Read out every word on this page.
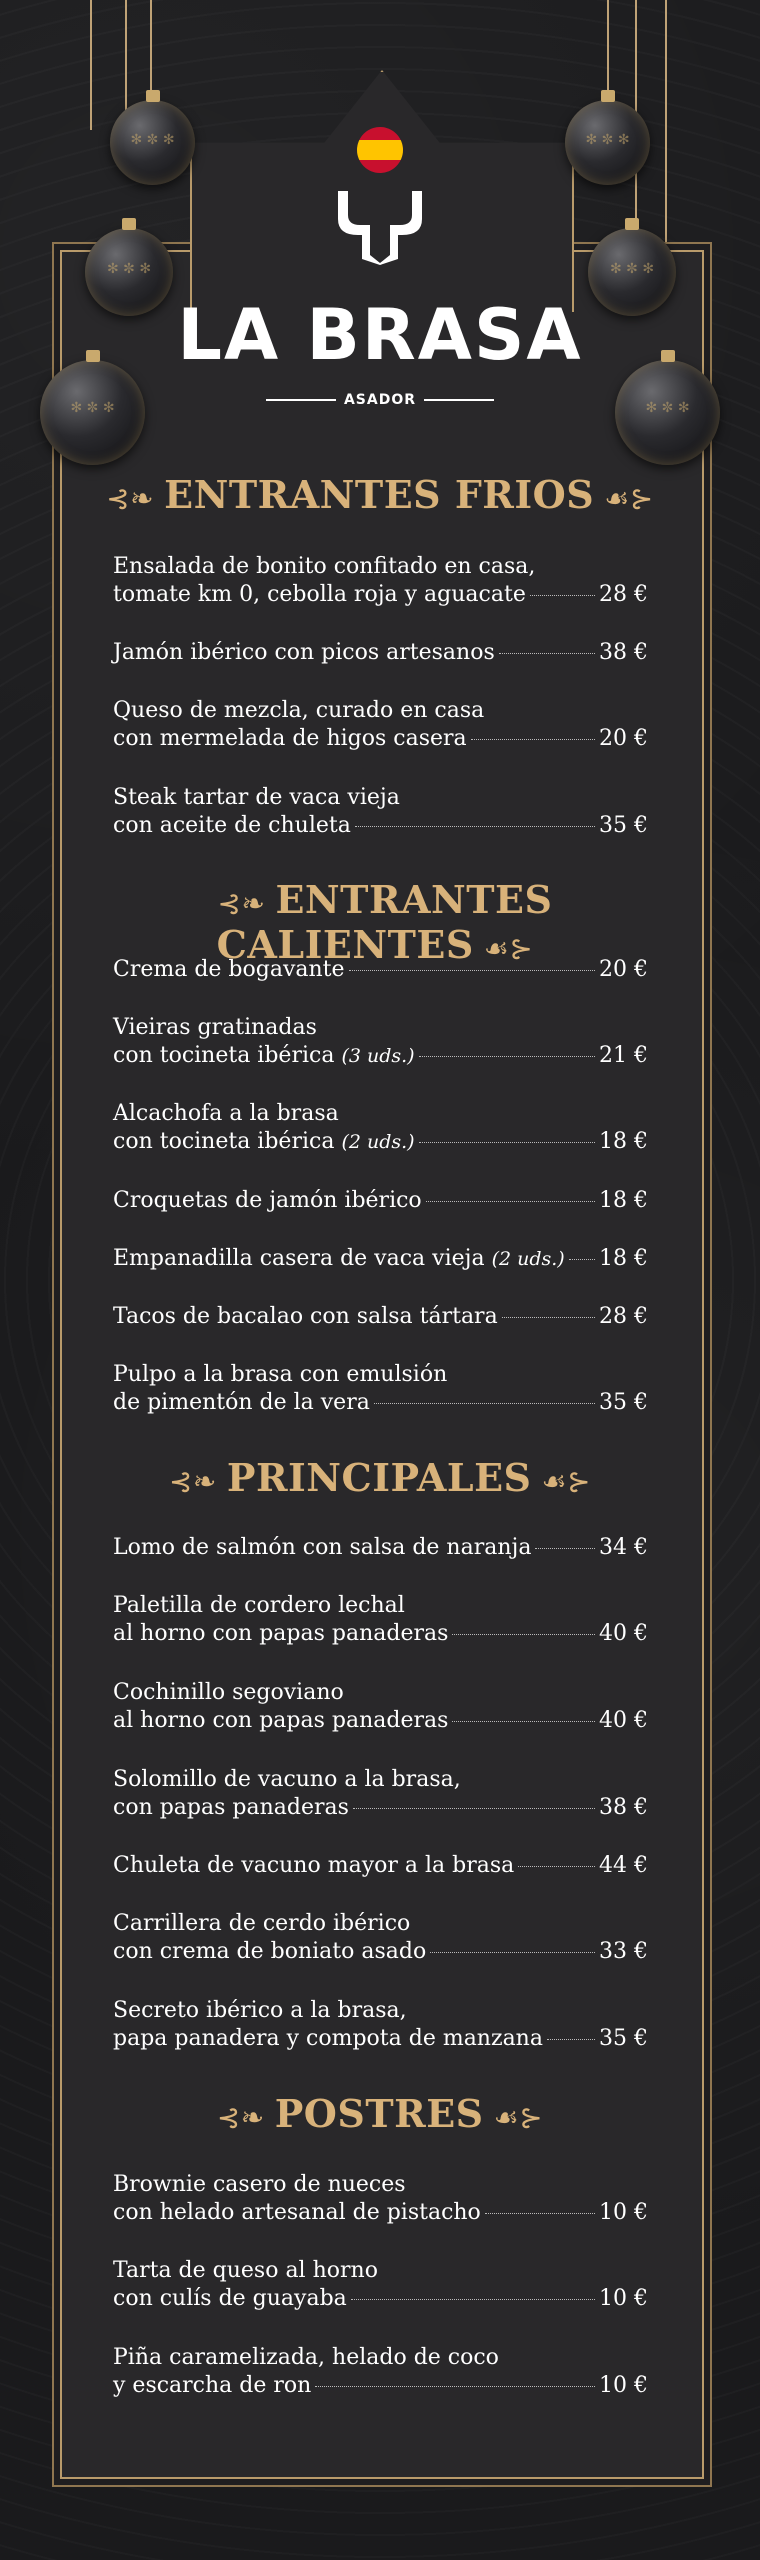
✻ ✼ ✻
✻ ✼ ✻
✻ ✼ ✻
✻ ✼ ✻
✻ ✼ ✻
✻ ✼ ✻
LA BRASA
ASADOR
⊰❧ ENTRANTES FRIOS ☙⊱
Ensalada de bonito confitado en casa,
tomate km 0, cebolla roja y aguacate	28 €
Jamón ibérico con picos artesanos	38 €
Queso de mezcla, curado en casa
con mermelada de higos casera	20 €
Steak tartar de vaca vieja
con aceite de chuleta	35 €
⊰❧ ENTRANTES CALIENTES ☙⊱
Crema de bogavante	20 €
Vieiras gratinadas
con tocineta ibérica
(3 uds.)	21 €
Alcachofa a la brasa
con tocineta ibérica
(2 uds.)	18 €
Croquetas de jamón ibérico	18 €
Empanadilla casera de vaca vieja
(2 uds.) 18 €
Tacos de bacalao con salsa tártara	28 €
Pulpo a la brasa con emulsión
de pimentón de la vera	35 €
⊰❧ PRINCIPALES ☙⊱
Lomo de salmón con salsa de naranja	34 €
Paletilla de cordero lechal
al horno con papas panaderas	40 €
Cochinillo segoviano
al horno con papas panaderas	40 €
Solomillo de vacuno a la brasa,
con papas panaderas	38 €
Chuleta de vacuno mayor a la brasa	44 €
Carrillera de cerdo ibérico
con crema de boniato asado	33 €
Secreto ibérico a la brasa,
papa panadera y compota de manzana	35 €
⊰❧ POSTRES ☙⊱
Brownie casero de nueces
con helado artesanal de pistacho	10 €
Tarta de queso al horno
con culís de guayaba	10 €
Piña caramelizada, helado de coco
y escarcha de ron	10 €
